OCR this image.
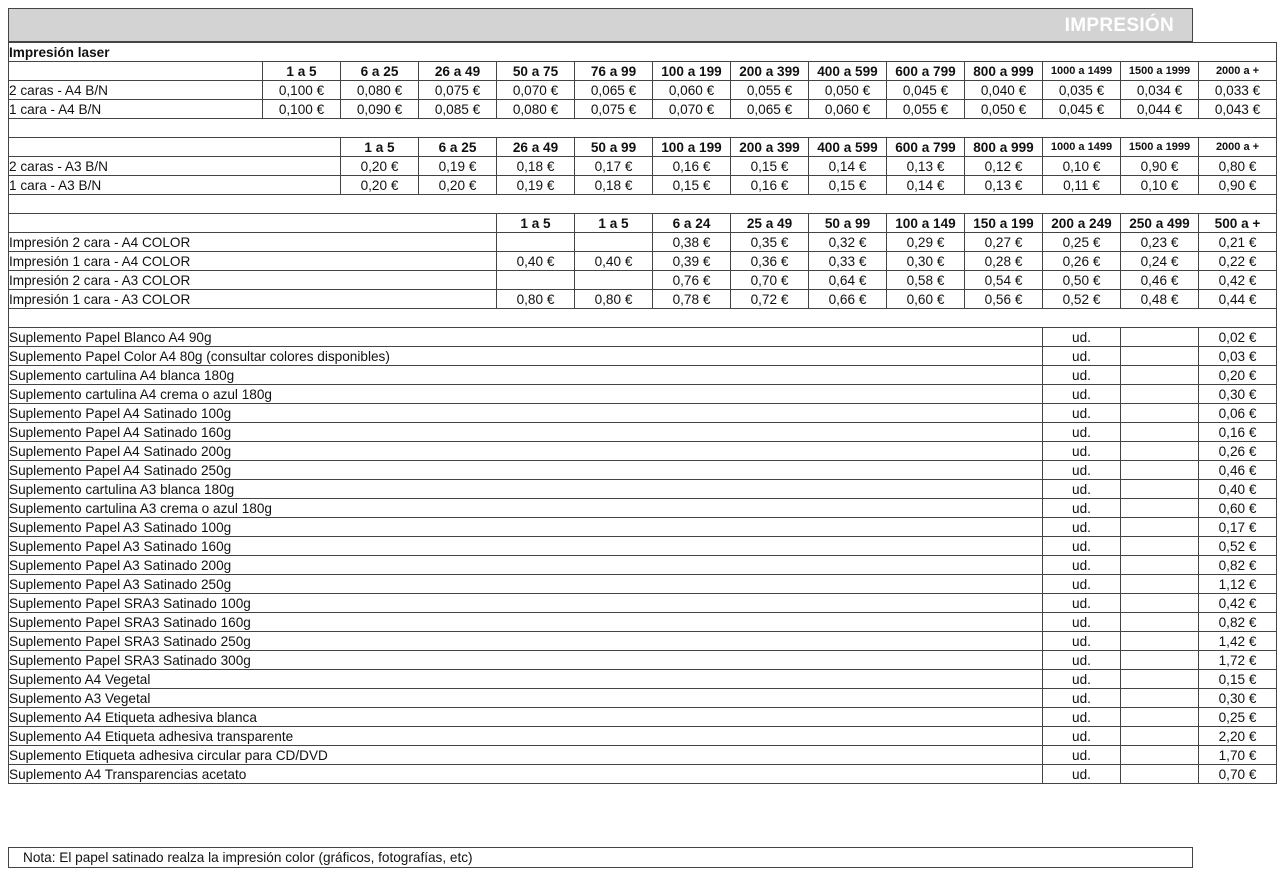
IMPRESIÓN
Impresión laser													
	1 a 5	6 a 25	26 a 49	50 a 75	76 a 99	100 a 199	200 a 399	400 a 599	600 a 799	800 a 999	1000 a 1499	1500 a 1999	2000 a +
2 caras - A4 B/N	0,100 €	0,080 €	0,075 €	0,070 €	0,065 €	0,060 €	0,055 €	0,050 €	0,045 €	0,040 €	0,035 €	0,034 €	0,033 €
1 cara - A4 B/N	0,100 €	0,090 €	0,085 €	0,080 €	0,075 €	0,070 €	0,065 €	0,060 €	0,055 €	0,050 €	0,045 €	0,044 €	0,043 €

		1 a 5	6 a 25	26 a 49	50 a 99	100 a 199	200 a 399	400 a 599	600 a 799	800 a 999	1000 a 1499	1500 a 1999	2000 a +
2 caras - A3 B/N		0,20 €	0,19 €	0,18 €	0,17 €	0,16 €	0,15 €	0,14 €	0,13 €	0,12 €	0,10 €	0,90 €	0,80 €
1 cara - A3 B/N		0,20 €	0,20 €	0,19 €	0,18 €	0,15 €	0,16 €	0,15 €	0,14 €	0,13 €	0,11 €	0,10 €	0,90 €

				1 a 5	1 a 5	6 a 24	25 a 49	50 a 99	100 a 149	150 a 199	200 a 249	250 a 499	500 a +
Impresión 2 cara - A4 COLOR						0,38 €	0,35 €	0,32 €	0,29 €	0,27 €	0,25 €	0,23 €	0,21 €
Impresión 1 cara - A4 COLOR				0,40 €	0,40 €	0,39 €	0,36 €	0,33 €	0,30 €	0,28 €	0,26 €	0,24 €	0,22 €
Impresión 2 cara - A3 COLOR						0,76 €	0,70 €	0,64 €	0,58 €	0,54 €	0,50 €	0,46 €	0,42 €
Impresión 1 cara - A3 COLOR				0,80 €	0,80 €	0,78 €	0,72 €	0,66 €	0,60 €	0,56 €	0,52 €	0,48 €	0,44 €

Suplemento Papel Blanco A4 90g											ud.		0,02 €
Suplemento Papel Color A4 80g (consultar colores disponibles)											ud.		0,03 €
Suplemento cartulina A4 blanca 180g											ud.		0,20 €
Suplemento cartulina A4 crema o azul 180g											ud.		0,30 €
Suplemento Papel A4 Satinado 100g											ud.		0,06 €
Suplemento Papel A4 Satinado 160g											ud.		0,16 €
Suplemento Papel A4 Satinado 200g											ud.		0,26 €
Suplemento Papel A4 Satinado 250g											ud.		0,46 €
Suplemento cartulina A3 blanca 180g											ud.		0,40 €
Suplemento cartulina A3 crema o azul 180g											ud.		0,60 €
Suplemento Papel A3 Satinado 100g											ud.		0,17 €
Suplemento Papel A3 Satinado 160g											ud.		0,52 €
Suplemento Papel A3 Satinado 200g											ud.		0,82 €
Suplemento Papel A3 Satinado 250g											ud.		1,12 €
Suplemento Papel SRA3 Satinado 100g											ud.		0,42 €
Suplemento Papel SRA3 Satinado 160g											ud.		0,82 €
Suplemento Papel SRA3 Satinado 250g											ud.		1,42 €
Suplemento Papel SRA3 Satinado 300g											ud.		1,72 €
Suplemento A4 Vegetal											ud.		0,15 €
Suplemento A3 Vegetal											ud.		0,30 €
Suplemento A4 Etiqueta adhesiva blanca											ud.		0,25 €
Suplemento A4 Etiqueta adhesiva transparente											ud.		2,20 €
Suplemento Etiqueta adhesiva circular para CD/DVD											ud.		1,70 €
Suplemento A4 Transparencias acetato											ud.		0,70 €
Nota: El papel satinado realza la impresión color (gráficos, fotografías, etc)
